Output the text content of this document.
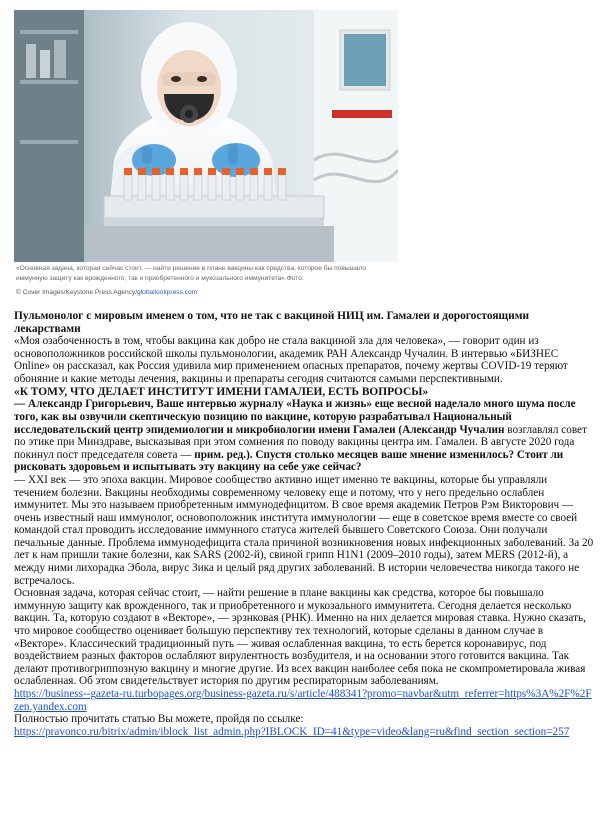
«Основная задача, которая сейчас стоит, — найти решение в плане вакцины как средства, которое бы повышало иммунную защиту как врожденного, так и приобретенного и мукозального иммунитета» Фото:
© Cover Images/Keystone Press Agency/globallookpress.com
Пульмонолог с мировым именем о том, что не так с вакциной НИЦ им. Гамалеи и дорогостоящими лекарствами
«Моя озабоченность в том, чтобы вакцина как добро не стала вакциной зла для человека», — говорит один из основоположников российской школы пульмонологии, академик РАН Александр Чучалин. В интервью «БИЗНЕС Online» он рассказал, как Россия удивила мир применением опасных препаратов, почему жертвы COVID-19 теряют обоняние и какие методы лечения, вакцины и препараты сегодня считаются самыми перспективными.
«К ТОМУ, ЧТО ДЕЛАЕТ ИНСТИТУТ ИМЕНИ ГАМАЛЕИ, ЕСТЬ ВОПРОСЫ»
— Александр Григорьевич, Ваше интервью журналу «Наука и жизнь» еще весной наделало много шума после того, как вы озвучили скептическую позицию по вакцине, которую разрабатывал Национальный исследовательский центр эпидемиологии и микробиологии имени Гамалеи (Александр Чучалин возглавлял совет по этике при Минздраве, высказывая при этом сомнения по поводу вакцины центра им. Гамалеи. В августе 2020 года покинул пост председателя совета — прим. ред.). Спустя столько месяцев ваше мнение изменилось? Стоит ли рисковать здоровьем и испытывать эту вакцину на себе уже сейчас?
— XXI век — это эпоха вакцин. Мировое сообщество активно ищет именно те вакцины, которые бы управляли течением болезни. Вакцины необходимы современному человеку еще и потому, что у него предельно ослаблен иммунитет. Мы это называем приобретенным иммунодефицитом. В свое время академик Петров Рэм Викторович — очень известный наш иммунолог, основоположник института иммунологии — еще в советское время вместе со своей командой стал проводить исследование иммунного статуса жителей бывшего Советского Союза. Они получали печальные данные. Проблема иммунодефицита стала причиной возникновения новых инфекционных заболеваний. За 20 лет к нам пришли такие болезни, как SARS (2002-й), свиной грипп H1N1 (2009–2010 годы), затем MERS (2012-й), а между ними лихорадка Эбола, вирус Зика и целый ряд других заболеваний. В истории человечества никогда такого не встречалось.
Основная задача, которая сейчас стоит, — найти решение в плане вакцины как средства, которое бы повышало иммунную защиту как врожденного, так и приобретенного и мукозального иммунитета. Сегодня делается несколько вакцин. Та, которую создают в «Векторе», — эрзнковая (РНК). Именно на них делается мировая ставка. Нужно сказать, что мировое сообщество оценивает большую перспективу тех технологий, которые сделаны в данном случае в «Векторе». Классический традиционный путь — живая ослабленная вакцина, то есть берется коронавирус, под воздействием разных факторов ослабляют вирулентность возбудителя, и на основании этого готовится вакцина. Так делают противогриппозную вакцину и многие другие. Из всех вакцин наиболее себя пока не скомпрометировала живая ослабленная. Об этом свидетельствует история по другим респираторным заболеваниям.
https://business--gazeta-ru.turbopages.org/business-gazeta.ru/s/article/488341?promo=navbar&utm_referrer=https%3A%2F%2Fzen.yandex.com
Полностью прочитать статью Вы можете, пройдя по ссылке:
https://pravonco.ru/bitrix/admin/iblock_list_admin.php?IBLOCK_ID=41&type=video&lang=ru&find_section_section=257
